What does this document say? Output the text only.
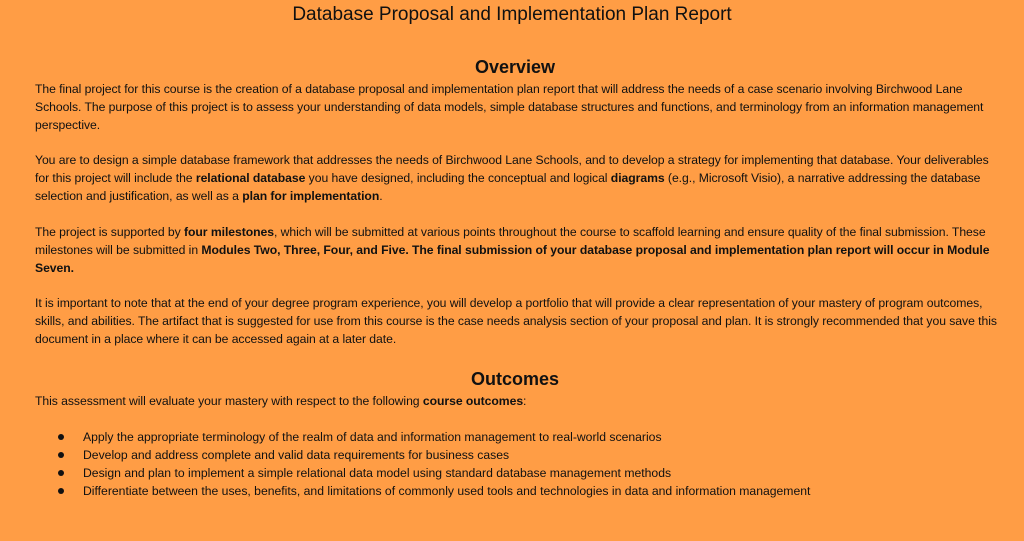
Database Proposal and Implementation Plan Report
Overview

The final project for this course is the creation of a database proposal and implementation plan report that will address the needs of a case scenario involving Birchwood Lane Schools. The purpose of this project is to assess your understanding of data models, simple database structures and functions, and terminology from an information management perspective.

You are to design a simple database framework that addresses the needs of Birchwood Lane Schools, and to develop a strategy for implementing that database. Your deliverables for this project will include the relational database you have designed, including the conceptual and logical diagrams (e.g., Microsoft Visio), a narrative addressing the database selection and justification, as well as a plan for implementation.

The project is supported by four milestones, which will be submitted at various points throughout the course to scaffold learning and ensure quality of the final submission. These milestones will be submitted in Modules Two, Three, Four, and Five. The final submission of your database proposal and implementation plan report will occur in Module Seven.

It is important to note that at the end of your degree program experience, you will develop a portfolio that will provide a clear representation of your mastery of program outcomes, skills, and abilities. The artifact that is suggested for use from this course is the case needs analysis section of your proposal and plan. It is strongly recommended that you save this document in a place where it can be accessed again at a later date.

Outcomes

This assessment will evaluate your mastery with respect to the following course outcomes:

Apply the appropriate terminology of the realm of data and information management to real-world scenarios
Develop and address complete and valid data requirements for business cases
Design and plan to implement a simple relational data model using standard database management methods
Differentiate between the uses, benefits, and limitations of commonly used tools and technologies in data and information management
